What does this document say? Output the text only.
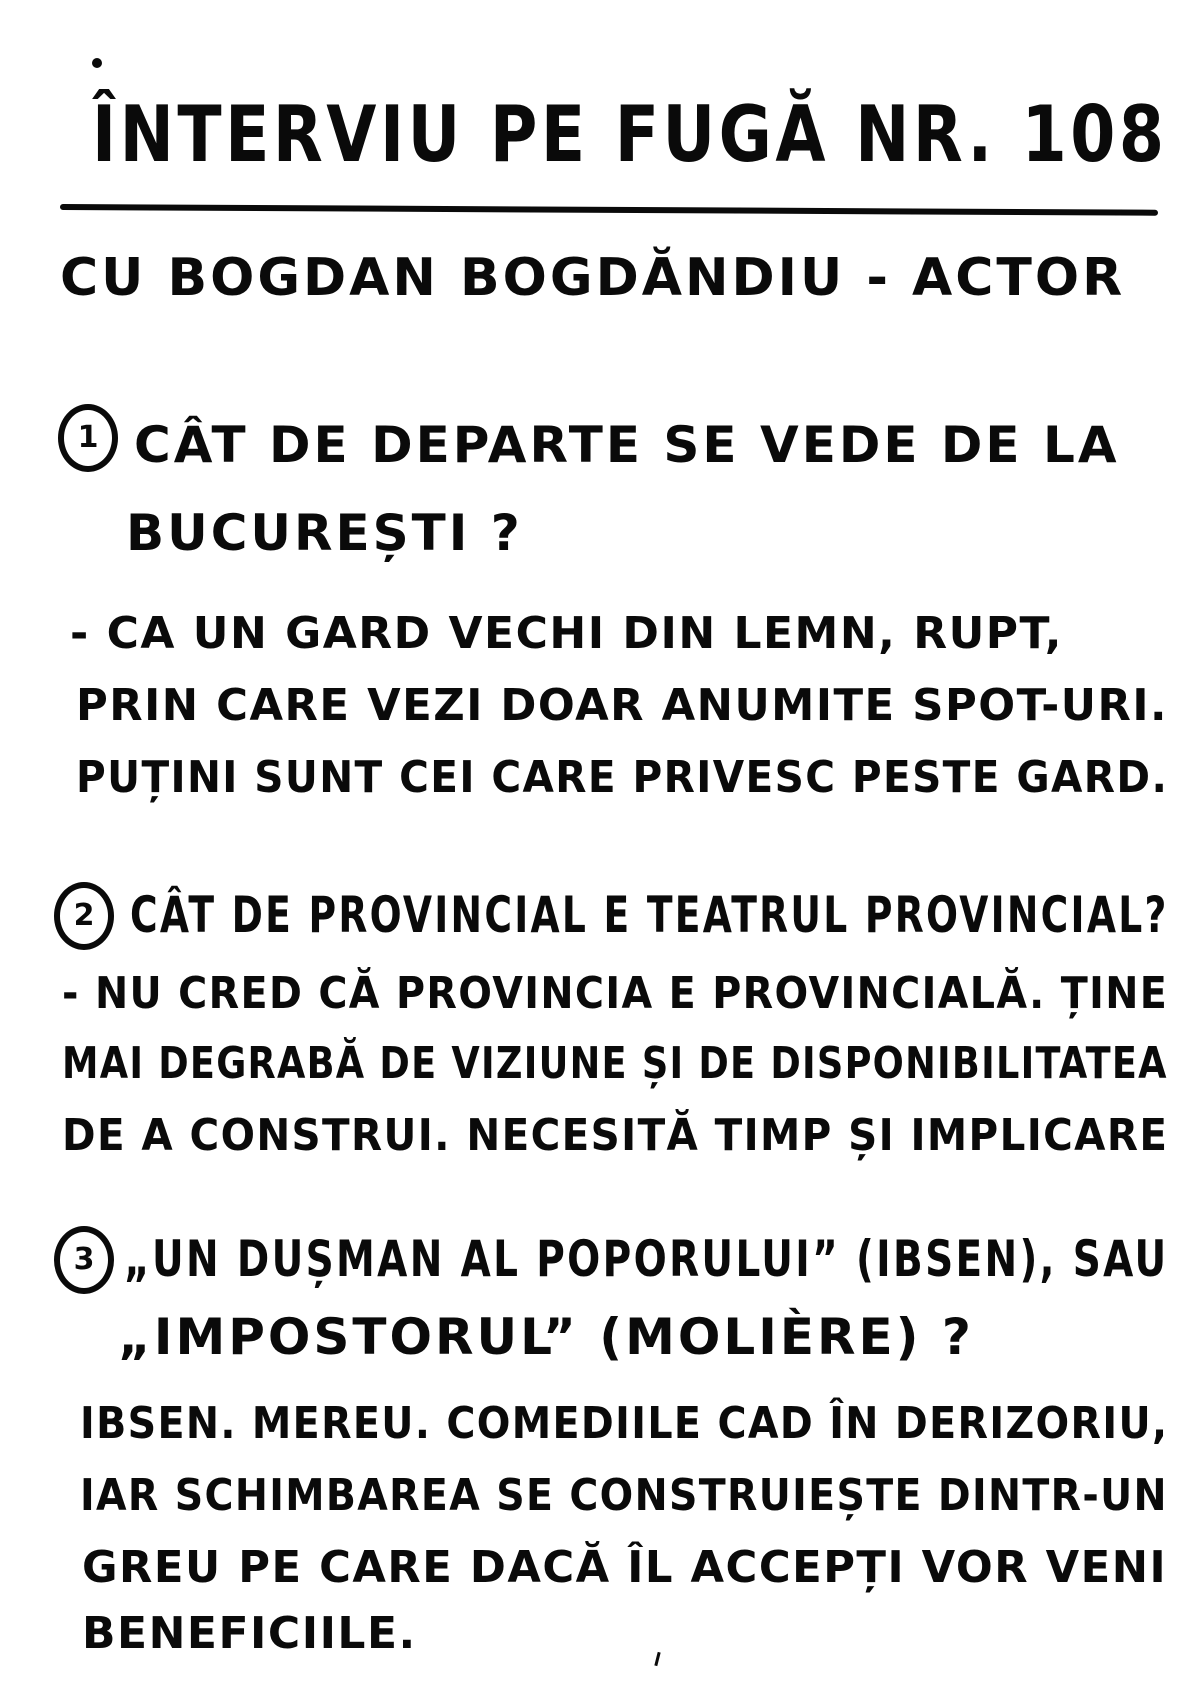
ÎNTERVIU PE FUGĂ NR. 108
CU BOGDAN BOGDĂNDIU - ACTOR
1 CÂT DE DEPARTE SE VEDE DE LA
BUCUREȘTI ?
- CA UN GARD VECHI DIN LEMN, RUPT,
PRIN CARE VEZI DOAR ANUMITE SPOT-URI.
PUȚINI SUNT CEI CARE PRIVESC PESTE GARD.
2 CÂT DE PROVINCIAL E TEATRUL PROVINCIAL?
- NU CRED CĂ PROVINCIA E PROVINCIALĂ. ȚINE
MAI DEGRABĂ DE VIZIUNE ȘI DE DISPONIBILITATEA
DE A CONSTRUI. NECESITĂ TIMP ȘI IMPLICARE
3 „UN DUȘMAN AL POPORULUI” (IBSEN), SAU
„IMPOSTORUL” (MOLIÈRE) ?
IBSEN. MEREU. COMEDIILE CAD ÎN DERIZORIU,
IAR SCHIMBAREA SE CONSTRUIEȘTE DINTR-UN
GREU PE CARE DACĂ ÎL ACCEPȚI VOR VENI
BENEFICIILE.
